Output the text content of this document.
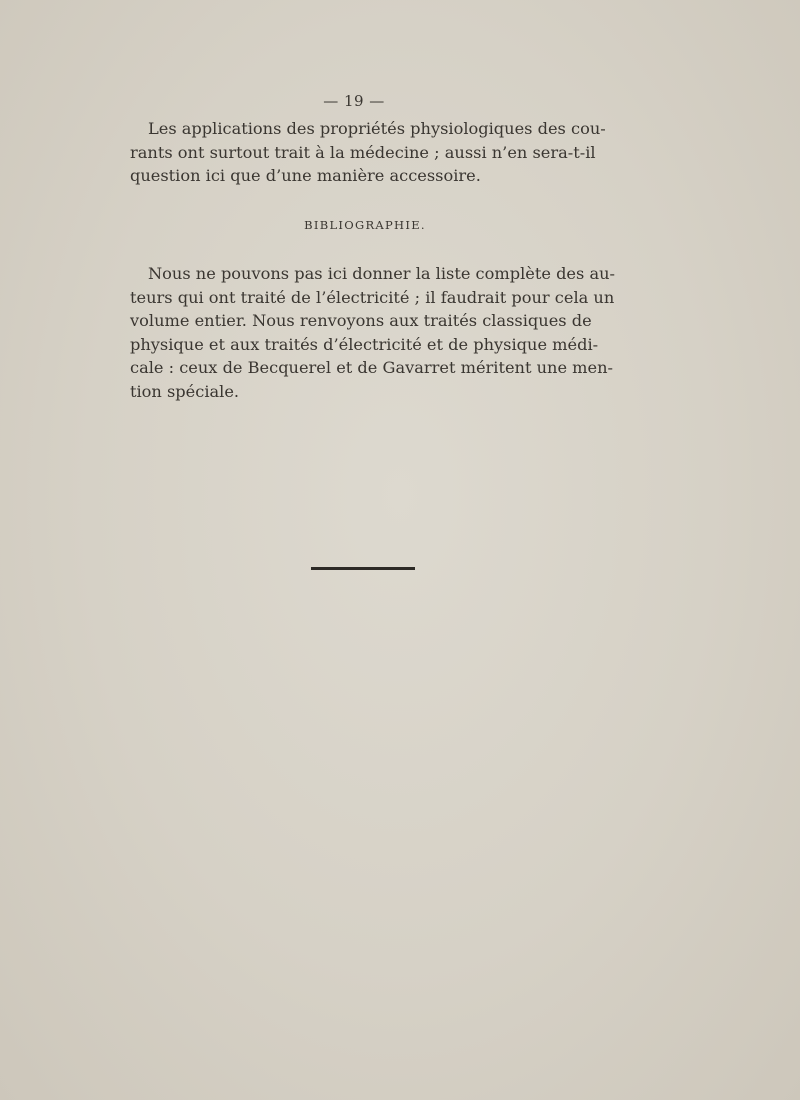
— 19 —

Les applications des propriétés physiologiques des cou-
rants ont surtout trait à la médecine ; aussi n’en sera-t-il
question ici que d’une manière accessoire.

BIBLIOGRAPHIE.

Nous ne pouvons pas ici donner la liste complète des au-
teurs qui ont traité de l’électricité ; il faudrait pour cela un
volume entier. Nous renvoyons aux traités classiques de
physique et aux traités d’électricité et de physique médi-
cale : ceux de Becquerel et de Gavarret méritent une men-
tion spéciale.
